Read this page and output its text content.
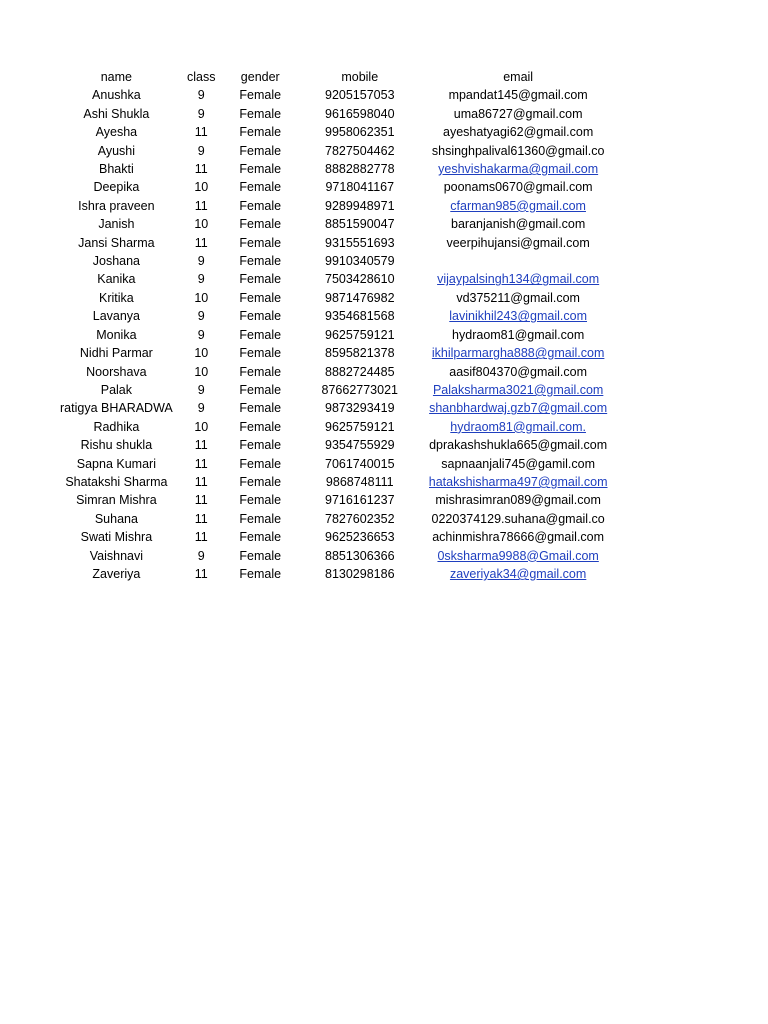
	name	class	gender	mobile	email
	Anushka	9	Female	9205157053	mpandat145@gmail.com
	Ashi Shukla	9	Female	9616598040	uma86727@gmail.com
	Ayesha	11	Female	9958062351	ayeshatyagi62@gmail.com
	Ayushi	9	Female	7827504462	shsinghpalival61360@gmail.co
	Bhakti	11	Female	8882882778	yeshvishakarma@gmail.com
	Deepika	10	Female	9718041167	poonams0670@gmail.com
	Ishra praveen	11	Female	9289948971	cfarman985@gmail.com
	Janish	10	Female	8851590047	baranjanish@gmail.com
	Jansi Sharma	11	Female	9315551693	veerpihujansi@gmail.com
	Joshana	9	Female	9910340579	
	Kanika	9	Female	7503428610	vijaypalsingh134@gmail.com
	Kritika	10	Female	9871476982	vd375211@gmail.com
	Lavanya	9	Female	9354681568	lavinikhil243@gmail.com
	Monika	9	Female	9625759121	hydraom81@gmail.com
	Nidhi Parmar	10	Female	8595821378	ikhilparmargha888@gmail.com
	Noorshava	10	Female	8882724485	aasif804370@gmail.com
	Palak	9	Female	87662773021	Palaksharma3021@gmail.com
	ratigya BHARADWA	9	Female	9873293419	shanbhardwaj.gzb7@gmail.com
	Radhika	10	Female	9625759121	hydraom81@gmail.com.
	Rishu shukla	11	Female	9354755929	dprakashshukla665@gmail.com
	Sapna Kumari	11	Female	7061740015	sapnaanjali745@gamil.com
	Shatakshi Sharma	11	Female	9868748111	hatakshisharma497@gmail.com
	Simran Mishra	11	Female	9716161237	mishrasimran089@gmail.com
	Suhana	11	Female	7827602352	0220374129.suhana@gmail.co
	Swati Mishra	11	Female	9625236653	achinmishra78666@gmail.com
	Vaishnavi	9	Female	8851306366	0sksharma9988@Gmail.com
	Zaveriya	11	Female	8130298186	zaveriyak34@gmail.com
